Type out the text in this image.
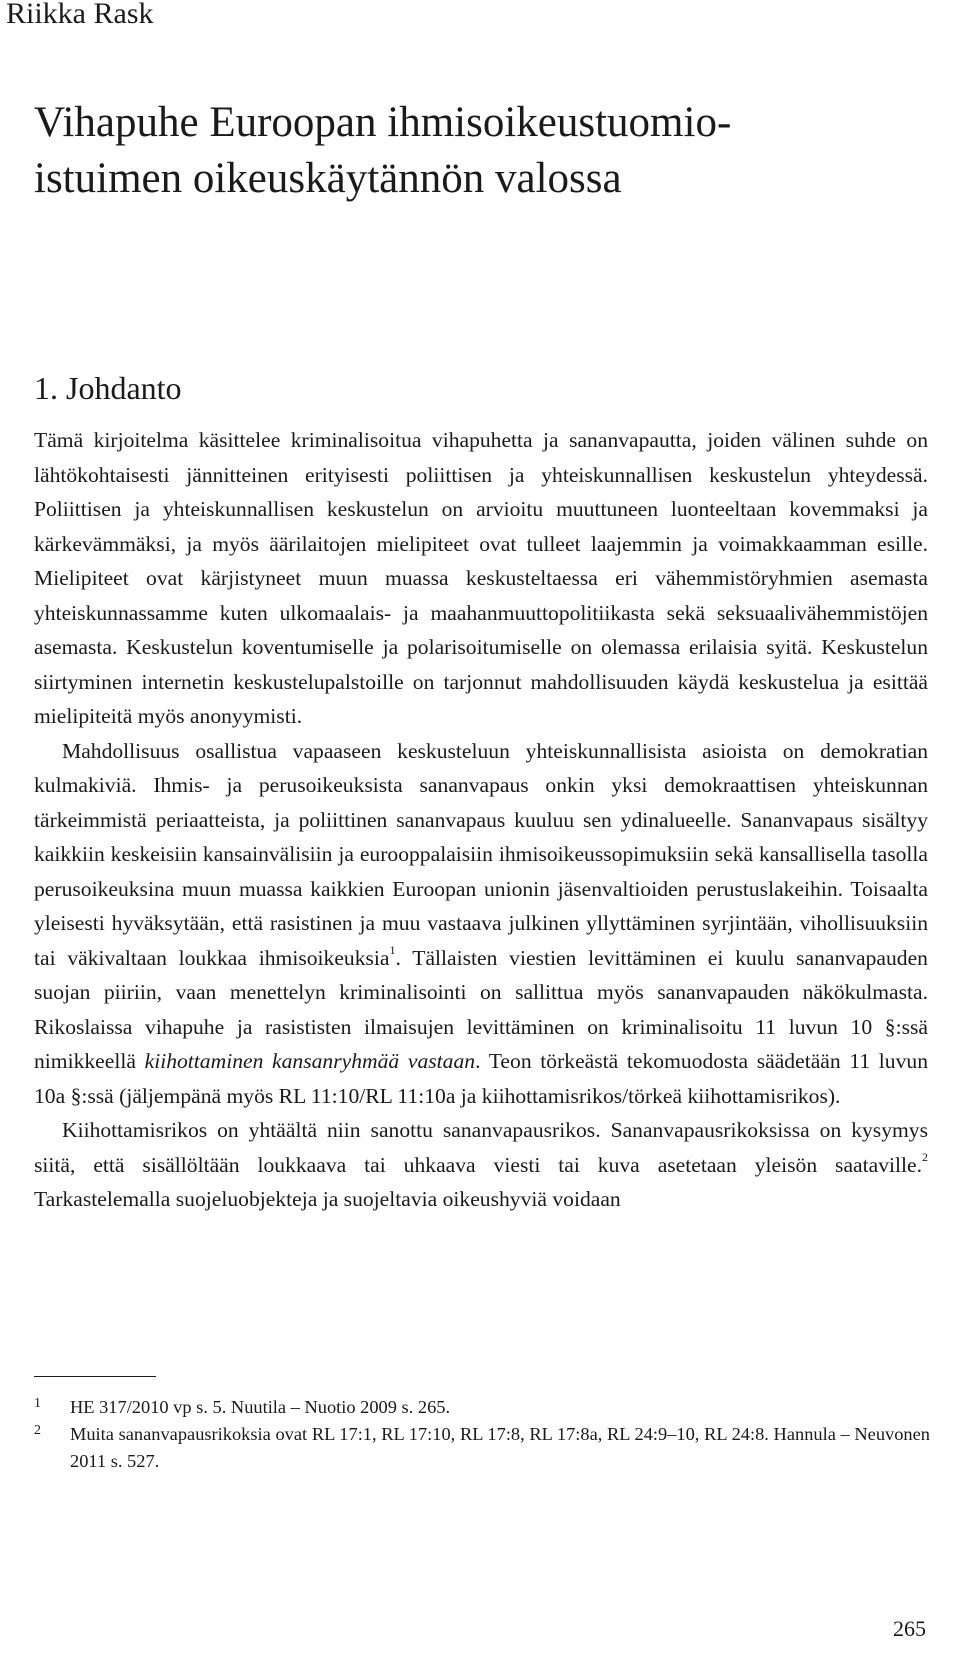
Riikka Rask
Vihapuhe Euroopan ihmisoikeustuomio-
istuimen oikeuskäytännön valossa
1. Johdanto

Tämä kirjoitelma käsittelee kriminalisoitua vihapuhetta ja sananvapautta, joiden välinen suhde on lähtökohtaisesti jännitteinen erityisesti poliittisen ja yhteiskunnallisen keskustelun yhteydessä. Poliittisen ja yhteiskunnallisen keskustelun on arvioitu muuttuneen luonteeltaan kovemmaksi ja kärkevämmäksi, ja myös äärilaitojen mielipiteet ovat tulleet laajemmin ja voimakkaamman esille. Mielipiteet ovat kärjistyneet muun muassa keskusteltaessa eri vähemmistöryhmien asemasta yhteiskunnassamme kuten ulkomaalais- ja maahanmuuttopolitiikasta sekä seksuaalivähemmistöjen asemasta. Keskustelun koventumiselle ja polarisoitumiselle on olemassa erilaisia syitä. Keskustelun siirtyminen internetin keskustelupalstoille on tarjonnut mahdollisuuden käydä keskustelua ja esittää mielipiteitä myös anonyymisti.

Mahdollisuus osallistua vapaaseen keskusteluun yhteiskunnallisista asioista on demokratian kulmakiviä. Ihmis- ja perusoikeuksista sananvapaus onkin yksi demokraattisen yhteiskunnan tärkeimmistä periaatteista, ja poliittinen sananvapaus kuuluu sen ydinalueelle. Sananvapaus sisältyy kaikkiin keskeisiin kansainvälisiin ja eurooppalaisiin ihmisoikeussopimuksiin sekä kansallisella tasolla perusoikeuksina muun muassa kaikkien Euroopan unionin jäsenvaltioiden perustuslakeihin. Toisaalta yleisesti hyväksytään, että rasistinen ja muu vastaava julkinen yllyttäminen syrjintään, vihollisuuksiin tai väkivaltaan loukkaa ihmisoikeuksia$^1$. Tällaisten viestien levittäminen ei kuulu sananvapauden suojan piiriin, vaan menettelyn kriminalisointi on sallittua myös sananvapauden näkökulmasta. Rikoslaissa vihapuhe ja rasististen ilmaisujen levittäminen on kriminalisoitu 11 luvun 10 §:ssä nimikkeellä kiihottaminen kansanryhmää vastaan. Teon törkeästä tekomuodosta säädetään 11 luvun 10a §:ssä (jäljempänä myös RL 11:10/RL 11:10a ja kiihottamisrikos/törkeä kiihottamisrikos).

Kiihottamisrikos on yhtäältä niin sanottu sananvapausrikos. Sananvapausrikoksissa on kysymys siitä, että sisällöltään loukkaava tai uhkaava viesti tai kuva asetetaan yleisön saataville.$^2$ Tarkastelemalla suojeluobjekteja ja suojeltavia oikeushyviä voidaan

1 HE 317/2010 vp s. 5. Nuutila – Nuotio 2009 s. 265.
2 Muita sananvapausrikoksia ovat RL 17:1, RL 17:10, RL 17:8, RL 17:8a, RL 24:9–10, RL 24:8. Hannula – Neuvonen 2011 s. 527.
265
